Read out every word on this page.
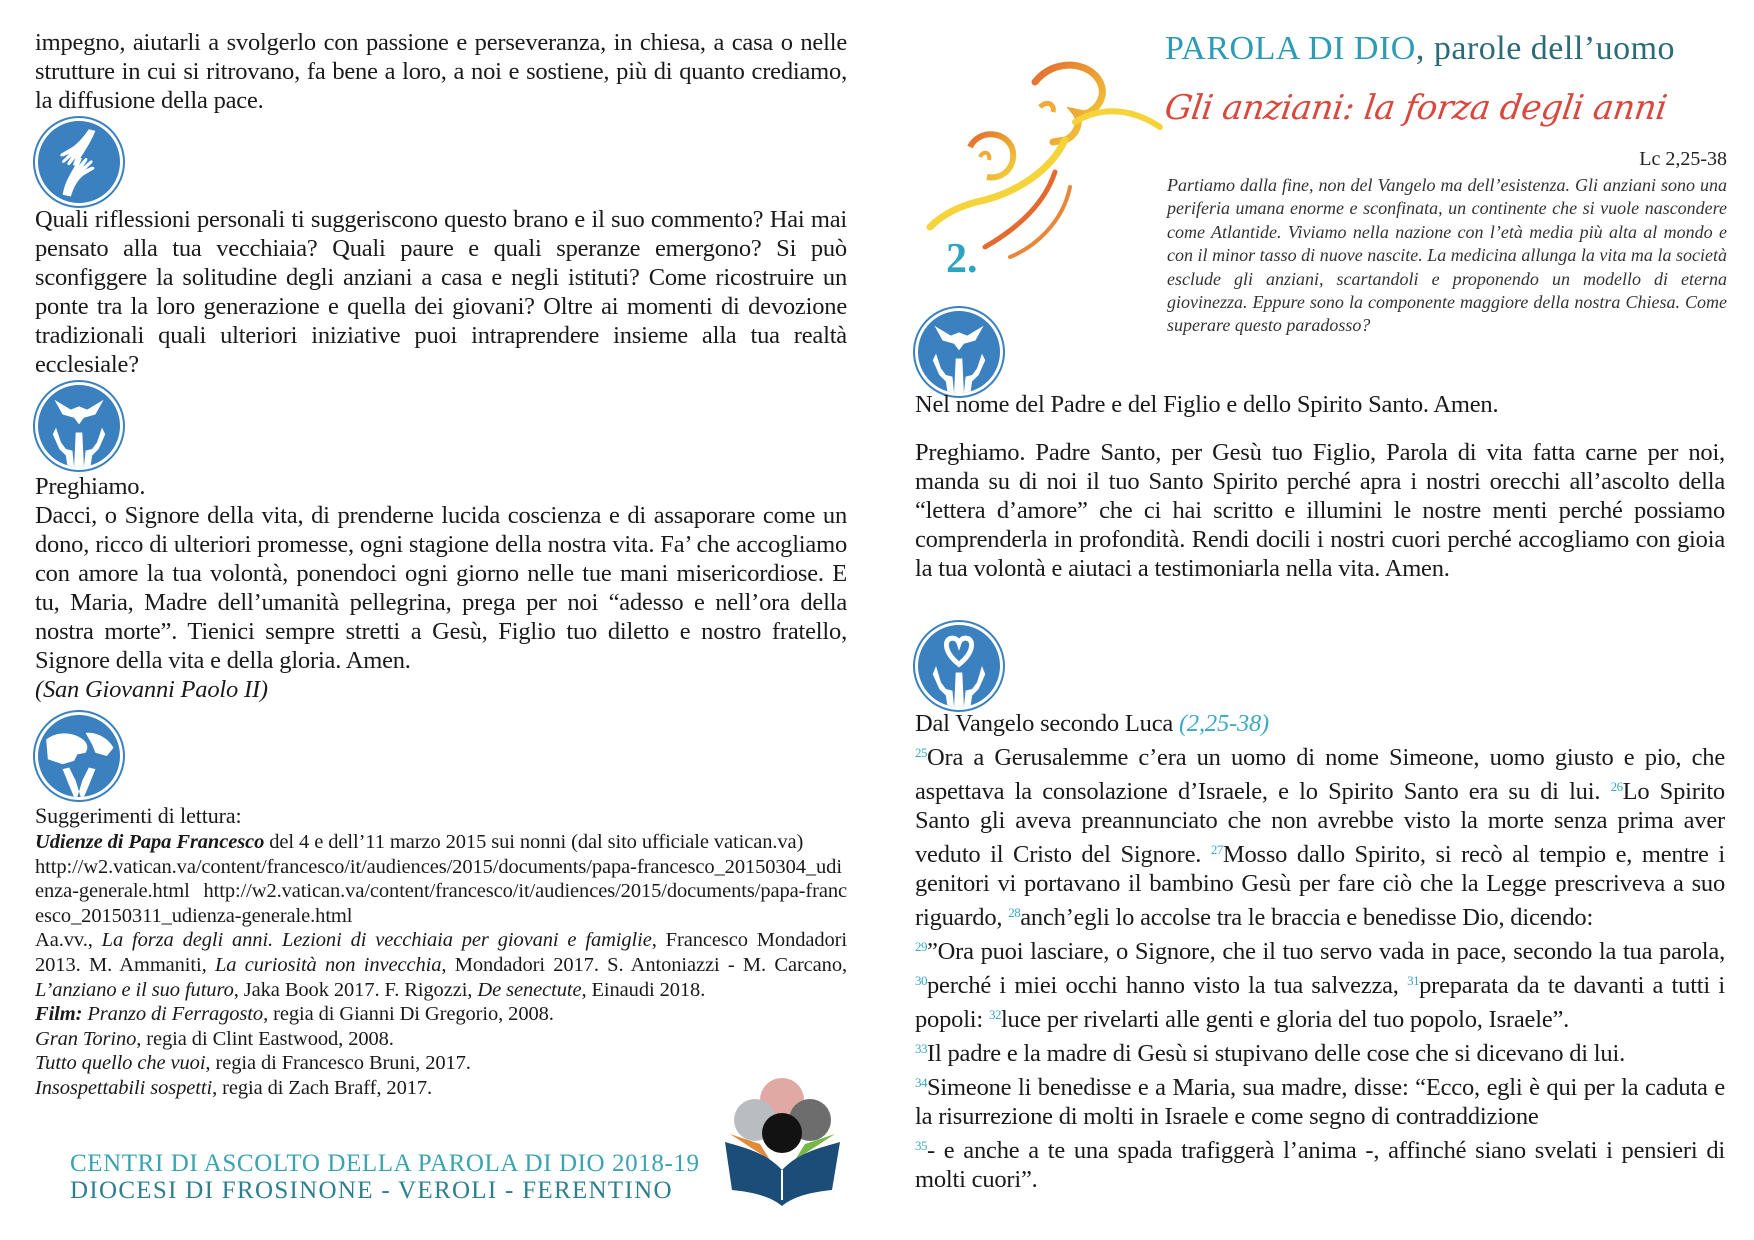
impegno, aiutarli a svolgerlo con passione e perseveranza, in chiesa, a casa o nelle strutture in cui si ritrovano, fa bene a loro, a noi e sostiene, più di quanto crediamo, la diffusione della pace.

Quali riflessioni personali ti suggeriscono questo brano e il suo commento? Hai mai pensato alla tua vecchiaia? Quali paure e quali speranze emergono? Si può sconfiggere la solitudine degli anziani a casa e negli istituti? Come ricostruire un ponte tra la loro generazione e quella dei giovani? Oltre ai momenti di devozione tradizionali quali ulteriori iniziative puoi intraprendere insieme alla tua realtà ecclesiale?

Preghiamo.

Dacci, o Signore della vita, di prenderne lucida coscienza e di assaporare come un dono, ricco di ulteriori promesse, ogni stagione della nostra vita. Fa’ che accogliamo con amore la tua volontà, ponendoci ogni giorno nelle tue mani misericordiose. E tu, Maria, Madre dell’umanità pellegrina, prega per noi “adesso e nell’ora della nostra morte”. Tienici sempre stretti a Gesù, Figlio tuo diletto e nostro fratello, Signore della vita e della gloria. Amen.

(San Giovanni Paolo II)

Suggerimenti di lettura:

Udienze di Papa Francesco del 4 e dell’11 marzo 2015 sui nonni (dal sito ufficiale vatican.va)

http://w2.vatican.va/content/francesco/it/audiences/2015/documents/papa-francesco_20150304_udienza-generale.html http://w2.vatican.va/content/francesco/it/audiences/2015/documents/papa-francesco_20150311_udienza-generale.html

Aa.vv., La forza degli anni. Lezioni di vecchiaia per giovani e famiglie, Francesco Mondadori 2013. M. Ammaniti, La curiosità non invecchia, Mondadori 2017. S. Antoniazzi - M. Carcano, L’anziano e il suo futuro, Jaka Book 2017. F. Rigozzi, De senectute, Einaudi 2018.

Film: Pranzo di Ferragosto, regia di Gianni Di Gregorio, 2008.

Gran Torino, regia di Clint Eastwood, 2008.

Tutto quello che vuoi, regia di Francesco Bruni, 2017.

Insospettabili sospetti, regia di Zach Braff, 2017.

CENTRI DI ASCOLTO DELLA PAROLA DI DIO 2018-19
DIOCESI DI FROSINONE - VEROLI - FERENTINO
PAROLA DI DIO, parole dell’uomo
Gli anziani: la forza degli anni
Lc 2,25-38

Partiamo dalla fine, non del Vangelo ma dell’esistenza. Gli anziani sono una periferia umana enorme e sconfinata, un continente che si vuole nascondere come Atlantide. Viviamo nella nazione con l’età media più alta al mondo e con il minor tasso di nuove nascite. La medicina allunga la vita ma la società esclude gli anziani, scartandoli e proponendo un modello di eterna giovinezza. Eppure sono la componente maggiore della nostra Chiesa. Come superare questo paradosso?

2.

Nel nome del Padre e del Figlio e dello Spirito Santo. Amen.

Preghiamo. Padre Santo, per Gesù tuo Figlio, Parola di vita fatta carne per noi, manda su di noi il tuo Santo Spirito perché apra i nostri orecchi all’ascolto della “lettera d’amore” che ci hai scritto e illumini le nostre menti perché possiamo comprenderla in profondità. Rendi docili i nostri cuori perché accogliamo con gioia la tua volontà e aiutaci a testimoniarla nella vita. Amen.

Dal Vangelo secondo Luca (2,25-38)

$^{25}$Ora a Gerusalemme c’era un uomo di nome Simeone, uomo giusto e pio, che aspettava la consolazione d’Israele, e lo Spirito Santo era su di lui. $^{26}$Lo Spirito Santo gli aveva preannunciato che non avrebbe visto la morte senza prima aver veduto il Cristo del Signore. $^{27}$Mosso dallo Spirito, si recò al tempio e, mentre i genitori vi portavano il bambino Gesù per fare ciò che la Legge prescriveva a suo riguardo, $^{28}$anch’egli lo accolse tra le braccia e benedisse Dio, dicendo:
$^{29}$”Ora puoi lasciare, o Signore, che il tuo servo vada in pace, secondo la tua parola, $^{30}$perché i miei occhi hanno visto la tua salvezza, $^{31}$preparata da te davanti a tutti i popoli: $^{32}$luce per rivelarti alle genti e gloria del tuo popolo, Israele”.
$^{33}$Il padre e la madre di Gesù si stupivano delle cose che si dicevano di lui.
$^{34}$Simeone li benedisse e a Maria, sua madre, disse: “Ecco, egli è qui per la caduta e la risurrezione di molti in Israele e come segno di contraddizione
$^{35}$- e anche a te una spada trafiggerà l’anima -, affinché siano svelati i pensieri di molti cuori”.
